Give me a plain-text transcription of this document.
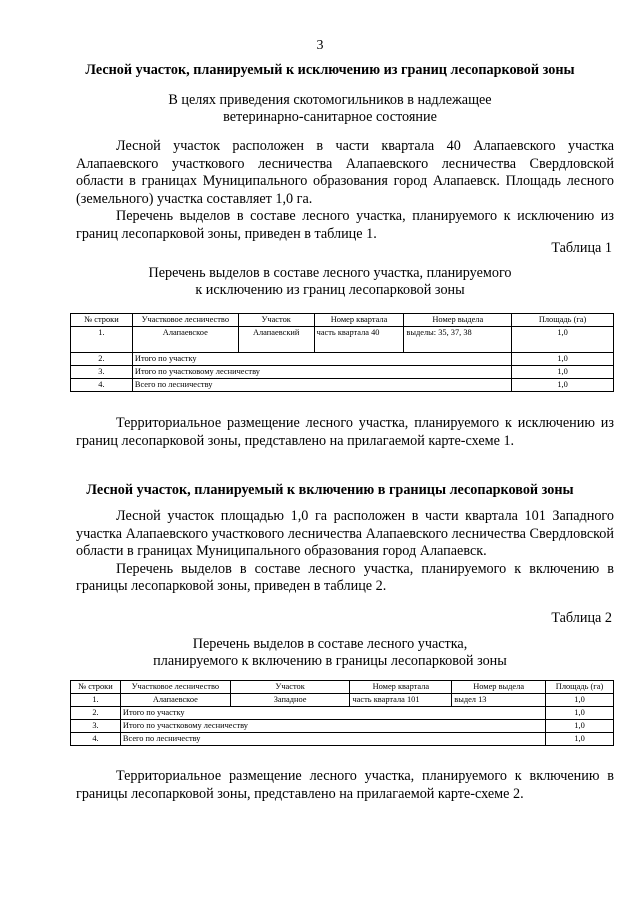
3
Лесной участок, планируемый к исключению из границ лесопарковой зоны
В целях приведения скотомогильников в надлежащее
ветеринарно-санитарное состояние

Лесной участок расположен в части квартала 40 Алапаевского участка Алапаевского участкового лесничества Алапаевского лесничества Свердловской области в границах Муниципального образования город Алапаевск. Площадь лесного (земельного) участка составляет 1,0 га.

Перечень выделов в составе лесного участка, планируемого к исключению из границ лесопарковой зоны, приведен в таблице 1.

Таблица 1
Перечень выделов в составе лесного участка, планируемого
к исключению из границ лесопарковой зоны
№ строки	Участковое лесничество	Участок	Номер квартала	Номер выдела	Площадь (га)
1.	Алапаевское	Алапаевский	часть квартала 40	выделы: 35, 37, 38	1,0
2.	Итого по участку				1,0
3.	Итого по участковому лесничеству				1,0
4.	Всего по лесничеству				1,0

Территориальное размещение лесного участка, планируемого к исключению из границ лесопарковой зоны, представлено на прилагаемой карте-схеме 1.

Лесной участок, планируемый к включению в границы лесопарковой зоны

Лесной участок площадью 1,0 га расположен в части квартала 101 Западного участка Алапаевского участкового лесничества Алапаевского лесничества Свердловской области в границах Муниципального образования город Алапаевск.

Перечень выделов в составе лесного участка, планируемого к включению в границы лесопарковой зоны, приведен в таблице 2.

Таблица 2
Перечень выделов в составе лесного участка,
планируемого к включению в границы лесопарковой зоны
№ строки	Участковое лесничество	Участок	Номер квартала	Номер выдела	Площадь (га)
1.	Алапаевское	Западное	часть квартала 101	выдел 13	1,0
2.	Итого по участку				1,0
3.	Итого по участковому лесничеству				1,0
4.	Всего по лесничеству				1,0

Территориальное размещение лесного участка, планируемого к включению в границы лесопарковой зоны, представлено на прилагаемой карте-схеме 2.
